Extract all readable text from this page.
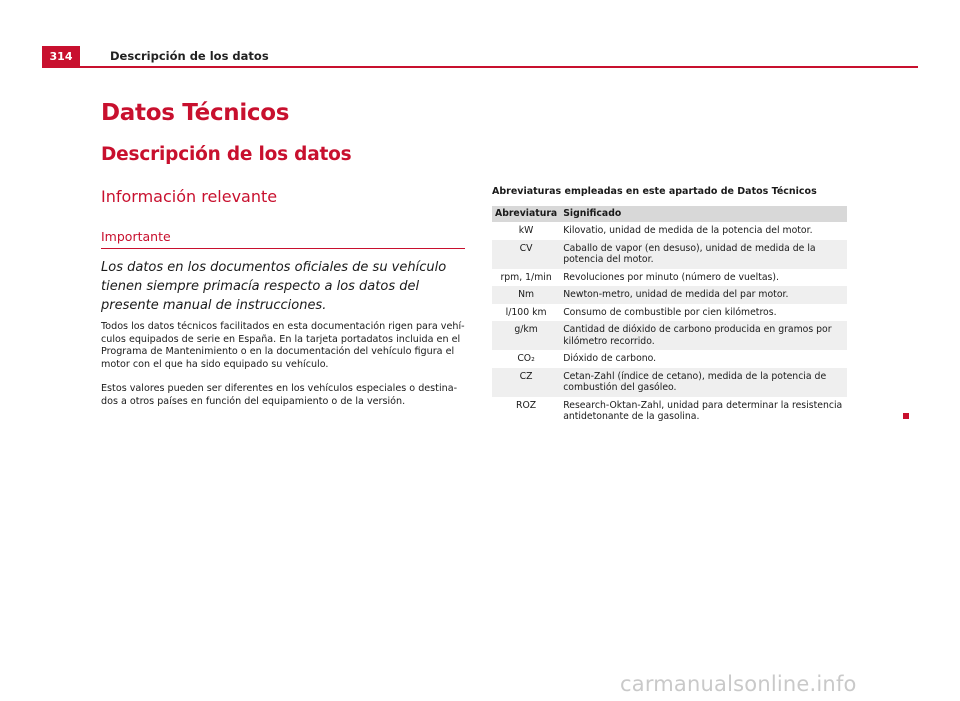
314	Descripción de los datos
Datos Técnicos
Descripción de los datos
Información relevante
Importante

Los datos en los documentos oficiales de su vehículo tienen siempre primacía respecto a los datos del presente manual de instrucciones.

Todos los datos técnicos facilitados en esta documentación rigen para vehículos equipados de serie en España. En la tarjeta portadatos incluida en el Programa de Mantenimiento o en la documentación del vehículo figura el motor con el que ha sido equipado su vehículo.

Estos valores pueden ser diferentes en los vehículos especiales o destinados a otros países en función del equipamiento o de la versión.

Abreviaturas empleadas en este apartado de Datos Técnicos

Abreviatura	Significado
kW	Kilovatio, unidad de medida de la potencia del motor.
CV	Caballo de vapor (en desuso), unidad de medida de la potencia del motor.
rpm, 1/min	Revoluciones por minuto (número de vueltas).
Nm	Newton-metro, unidad de medida del par motor.
l/100 km	Consumo de combustible por cien kilómetros.
g/km	Cantidad de dióxido de carbono producida en gramos por kilómetro recorrido.
CO₂	Dióxido de carbono.
CZ	Cetan-Zahl (índice de cetano), medida de la potencia de combustión del gasóleo.
ROZ	Research-Oktan-Zahl, unidad para determinar la resistencia antidetonante de la gasolina.
carmanualsonline.info
